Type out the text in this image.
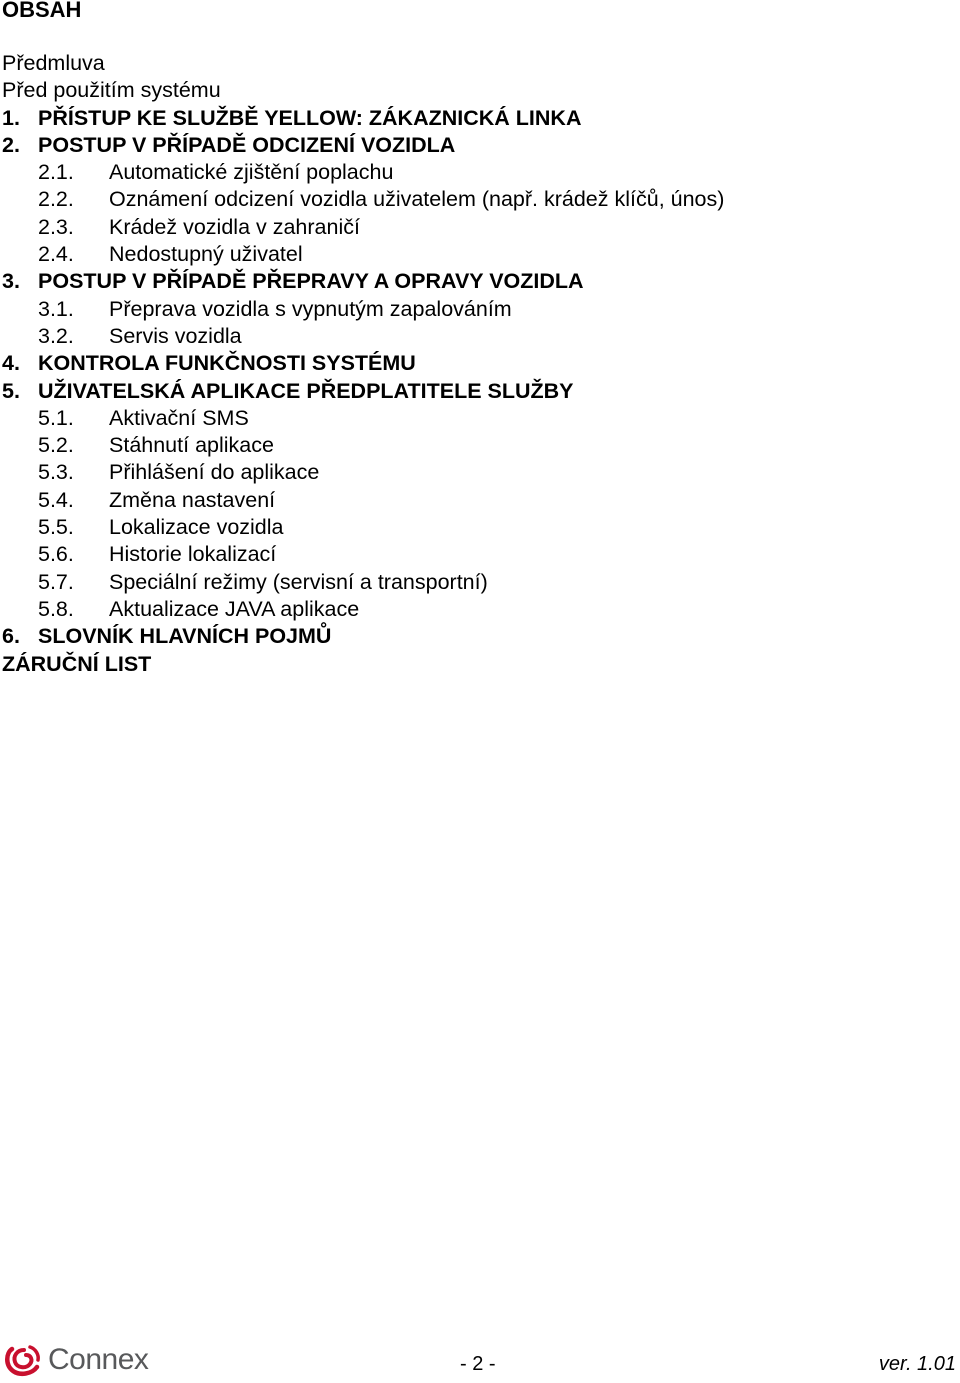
OBSAH
Předmluva
Před použitím systému
1. PŘÍSTUP KE SLUŽBĚ YELLOW: ZÁKAZNICKÁ LINKA
2. POSTUP V PŘÍPADĚ ODCIZENÍ VOZIDLA
2.1. Automatické zjištění poplachu
2.2. Oznámení odcizení vozidla uživatelem (např. krádež klíčů, únos)
2.3. Krádež vozidla v zahraničí
2.4. Nedostupný uživatel
3. POSTUP V PŘÍPADĚ PŘEPRAVY A OPRAVY VOZIDLA
3.1. Přeprava vozidla s vypnutým zapalováním
3.2. Servis vozidla
4. KONTROLA FUNKČNOSTI SYSTÉMU
5. UŽIVATELSKÁ APLIKACE PŘEDPLATITELE SLUŽBY
5.1. Aktivační SMS
5.2. Stáhnutí aplikace
5.3. Přihlášení do aplikace
5.4. Změna nastavení
5.5. Lokalizace vozidla
5.6. Historie lokalizací
5.7. Speciální režimy (servisní a transportní)
5.8. Aktualizace JAVA aplikace
6. SLOVNÍK HLAVNÍCH POJMŮ
ZÁRUČNÍ LIST
Connex	- 2 -	ver. 1.01
